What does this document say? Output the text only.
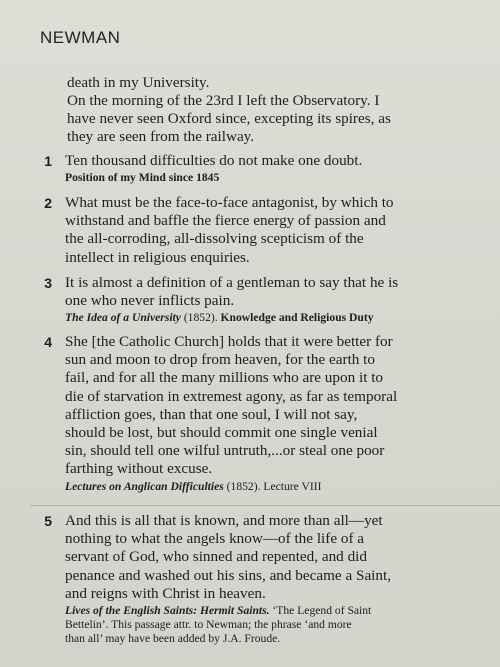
NEWMAN
death in my University.
On the morning of the 23rd I left the Observatory. I
have never seen Oxford since, excepting its spires, as
they are seen from the railway.
1 Ten thousand difficulties do not make one doubt.
Position of my Mind since 1845
2 What must be the face-to-face antagonist, by which to
withstand and baffle the fierce energy of passion and
the all-corroding, all-dissolving scepticism of the
intellect in religious enquiries.
3 It is almost a definition of a gentleman to say that he is
one who never inflicts pain.
The Idea of a University (1852). Knowledge and Religious Duty
4 She [the Catholic Church] holds that it were better for
sun and moon to drop from heaven, for the earth to
fail, and for all the many millions who are upon it to
die of starvation in extremest agony, as far as temporal
affliction goes, than that one soul, I will not say,
should be lost, but should commit one single venial
sin, should tell one wilful untruth,...or steal one poor
farthing without excuse.
Lectures on Anglican Difficulties (1852). Lecture VIII
5 And this is all that is known, and more than all—yet
nothing to what the angels know—of the life of a
servant of God, who sinned and repented, and did
penance and washed out his sins, and became a Saint,
and reigns with Christ in heaven.
Lives of the English Saints: Hermit Saints. ‘The Legend of Saint
Bettelin’. This passage attr. to Newman; the phrase ‘and more
than all’ may have been added by J.A. Froude.
